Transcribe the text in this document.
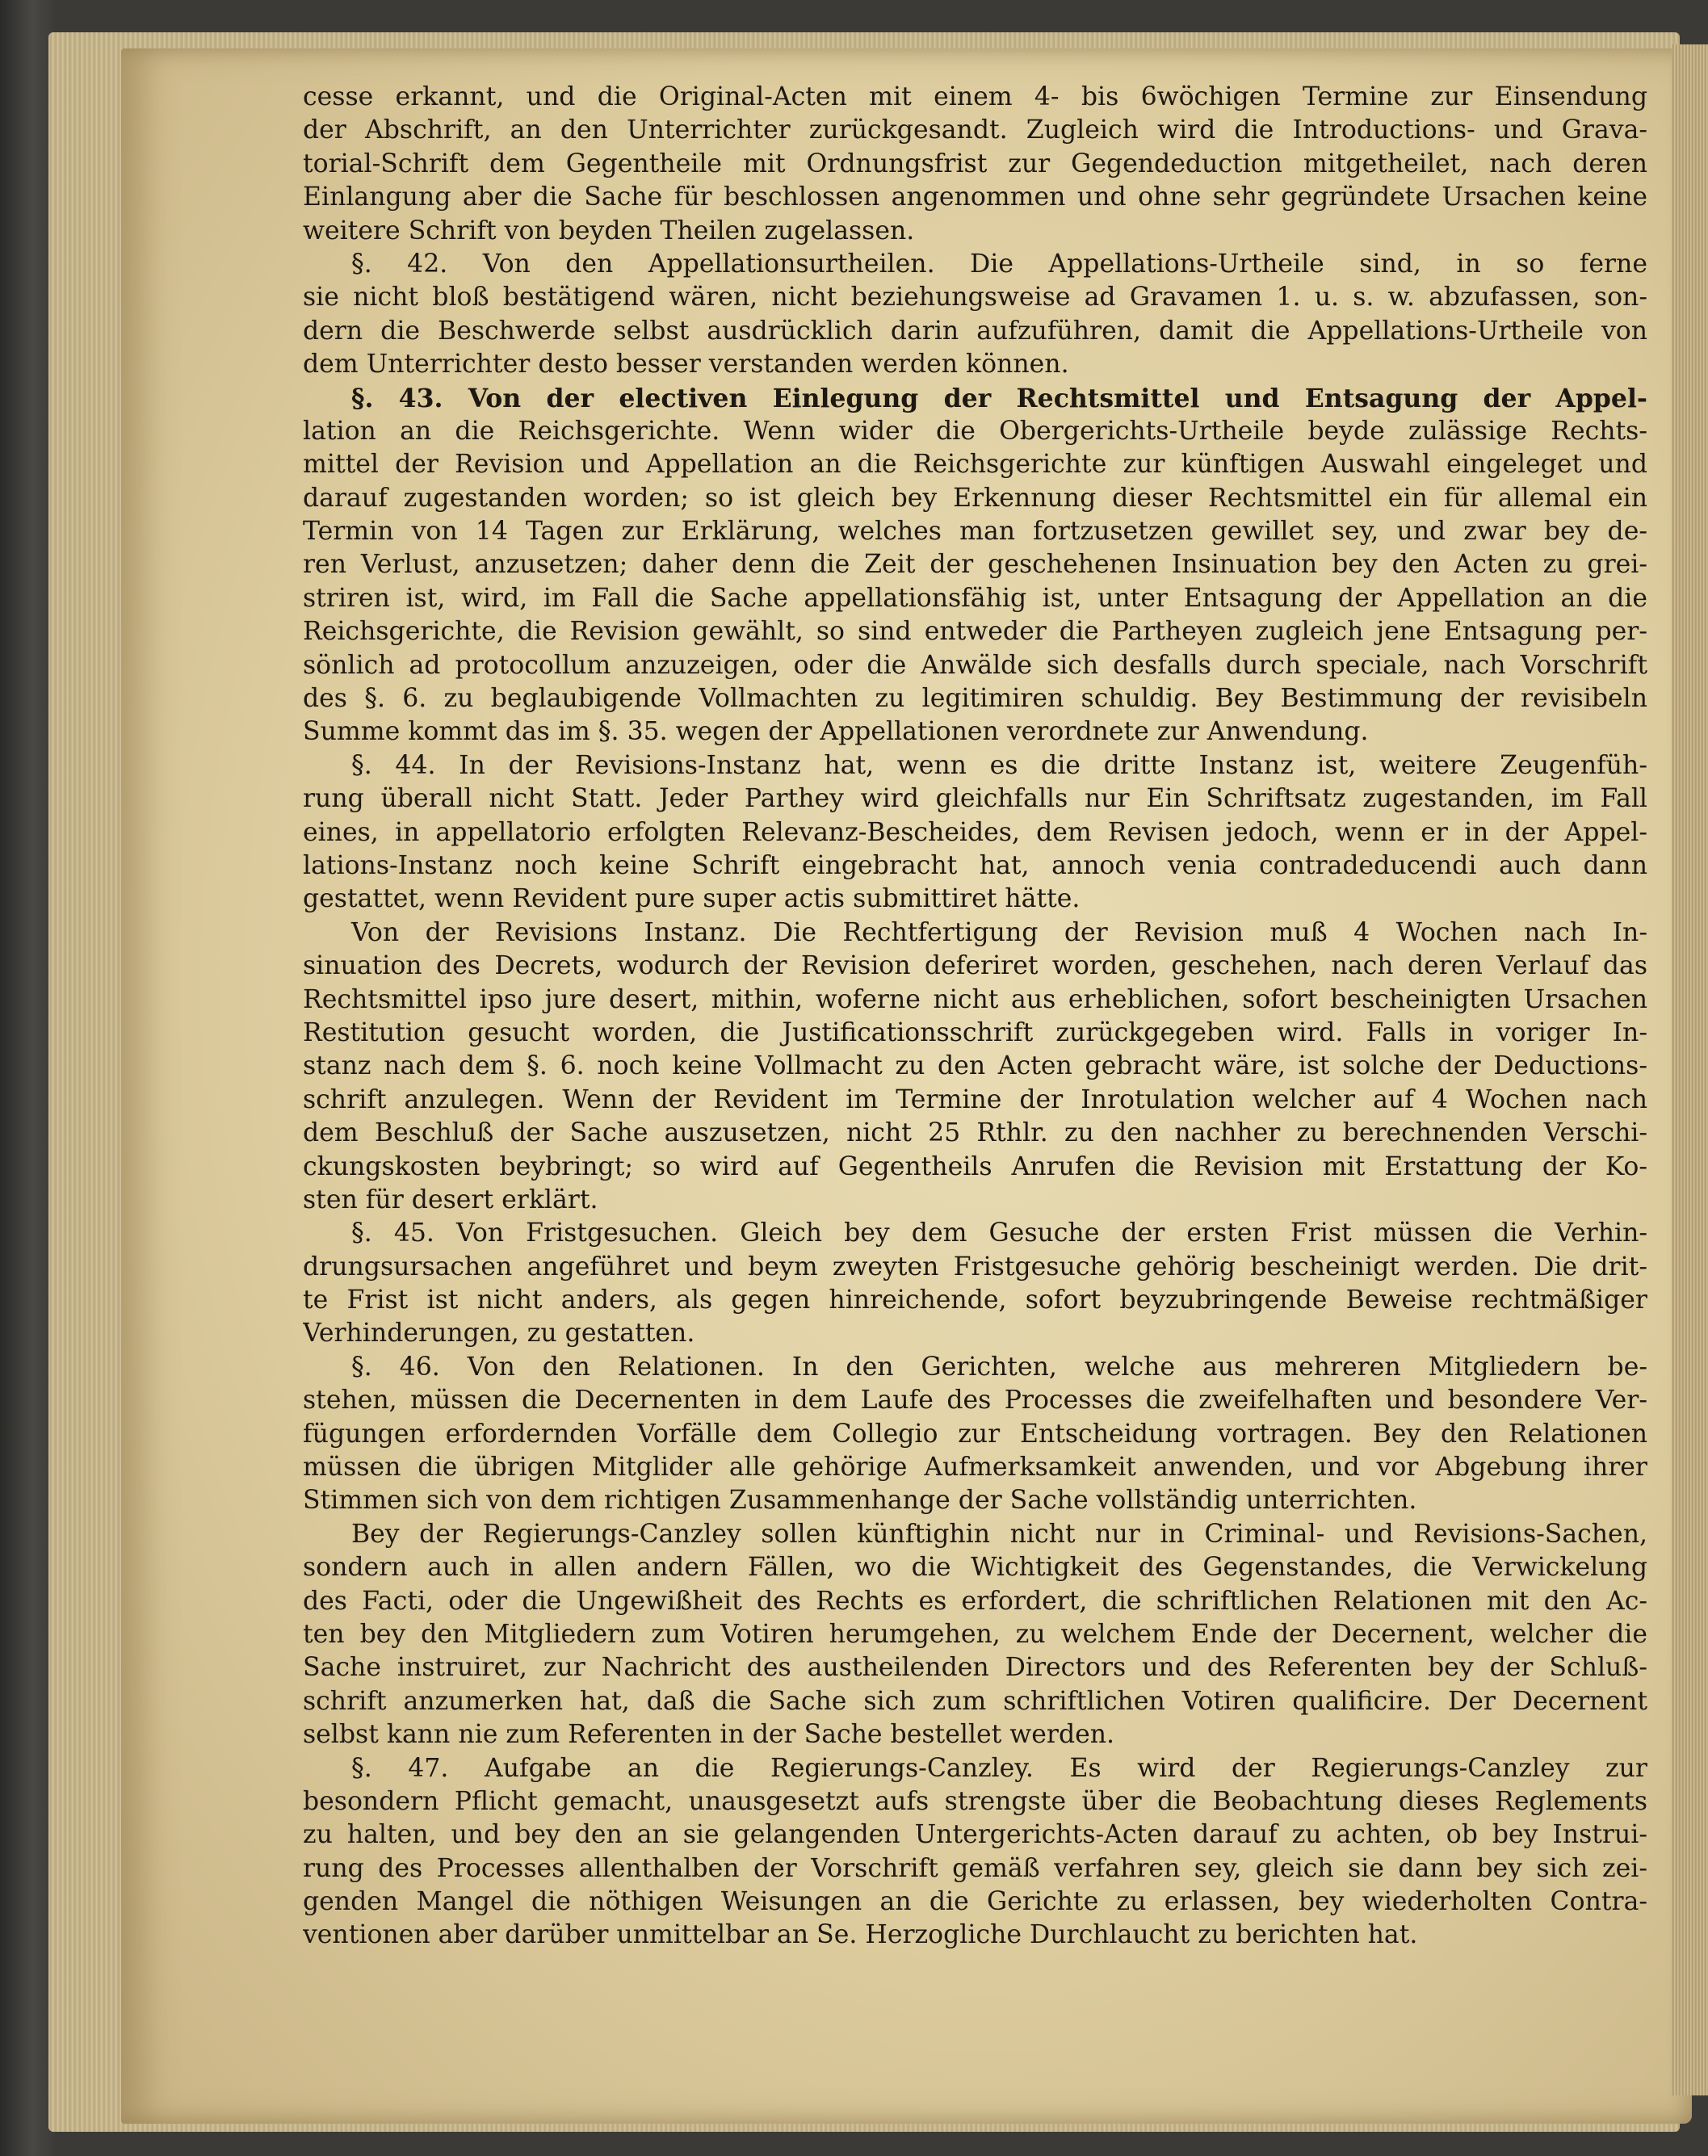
cesse erkannt, und die Original-Acten mit einem 4- bis 6wöchigen Termine zur Einsendung
der Abschrift, an den Unterrichter zurückgesandt. Zugleich wird die Introductions- und Grava-
torial-Schrift dem Gegentheile mit Ordnungsfrist zur Gegendeduction mitgetheilet, nach deren
Einlangung aber die Sache für beschlossen angenommen und ohne sehr gegründete Ursachen keine
weitere Schrift von beyden Theilen zugelassen.
§. 42. Von den Appellationsurtheilen. Die Appellations-Urtheile sind, in so ferne
sie nicht bloß bestätigend wären, nicht beziehungsweise ad Gravamen 1. u. s. w. abzufassen, son-
dern die Beschwerde selbst ausdrücklich darin aufzuführen, damit die Appellations-Urtheile von
dem Unterrichter desto besser verstanden werden können.
§. 43. Von der electiven Einlegung der Rechtsmittel und Entsagung der Appel-
lation an die Reichsgerichte. Wenn wider die Obergerichts-Urtheile beyde zulässige Rechts-
mittel der Revision und Appellation an die Reichsgerichte zur künftigen Auswahl eingeleget und
darauf zugestanden worden; so ist gleich bey Erkennung dieser Rechtsmittel ein für allemal ein
Termin von 14 Tagen zur Erklärung, welches man fortzusetzen gewillet sey, und zwar bey de-
ren Verlust, anzusetzen; daher denn die Zeit der geschehenen Insinuation bey den Acten zu grei-
striren ist, wird, im Fall die Sache appellationsfähig ist, unter Entsagung der Appellation an die
Reichsgerichte, die Revision gewählt, so sind entweder die Partheyen zugleich jene Entsagung per-
sönlich ad protocollum anzuzeigen, oder die Anwälde sich desfalls durch speciale, nach Vorschrift
des §. 6. zu beglaubigende Vollmachten zu legitimiren schuldig. Bey Bestimmung der revisibeln
Summe kommt das im §. 35. wegen der Appellationen verordnete zur Anwendung.
§. 44. In der Revisions-Instanz hat, wenn es die dritte Instanz ist, weitere Zeugenfüh-
rung überall nicht Statt. Jeder Parthey wird gleichfalls nur Ein Schriftsatz zugestanden, im Fall
eines, in appellatorio erfolgten Relevanz-Bescheides, dem Revisen jedoch, wenn er in der Appel-
lations-Instanz noch keine Schrift eingebracht hat, annoch venia contradeducendi auch dann
gestattet, wenn Revident pure super actis submittiret hätte.
Von der Revisions Instanz. Die Rechtfertigung der Revision muß 4 Wochen nach In-
sinuation des Decrets, wodurch der Revision deferiret worden, geschehen, nach deren Verlauf das
Rechtsmittel ipso jure desert, mithin, woferne nicht aus erheblichen, sofort bescheinigten Ursachen
Restitution gesucht worden, die Justificationsschrift zurückgegeben wird. Falls in voriger In-
stanz nach dem §. 6. noch keine Vollmacht zu den Acten gebracht wäre, ist solche der Deductions-
schrift anzulegen. Wenn der Revident im Termine der Inrotulation welcher auf 4 Wochen nach
dem Beschluß der Sache auszusetzen, nicht 25 Rthlr. zu den nachher zu berechnenden Verschi-
ckungskosten beybringt; so wird auf Gegentheils Anrufen die Revision mit Erstattung der Ko-
sten für desert erklärt.
§. 45. Von Fristgesuchen. Gleich bey dem Gesuche der ersten Frist müssen die Verhin-
drungsursachen angeführet und beym zweyten Fristgesuche gehörig bescheinigt werden. Die drit-
te Frist ist nicht anders, als gegen hinreichende, sofort beyzubringende Beweise rechtmäßiger
Verhinderungen, zu gestatten.
§. 46. Von den Relationen. In den Gerichten, welche aus mehreren Mitgliedern be-
stehen, müssen die Decernenten in dem Laufe des Processes die zweifelhaften und besondere Ver-
fügungen erfordernden Vorfälle dem Collegio zur Entscheidung vortragen. Bey den Relationen
müssen die übrigen Mitglider alle gehörige Aufmerksamkeit anwenden, und vor Abgebung ihrer
Stimmen sich von dem richtigen Zusammenhange der Sache vollständig unterrichten.
Bey der Regierungs-Canzley sollen künftighin nicht nur in Criminal- und Revisions-Sachen,
sondern auch in allen andern Fällen, wo die Wichtigkeit des Gegenstandes, die Verwickelung
des Facti, oder die Ungewißheit des Rechts es erfordert, die schriftlichen Relationen mit den Ac-
ten bey den Mitgliedern zum Votiren herumgehen, zu welchem Ende der Decernent, welcher die
Sache instruiret, zur Nachricht des austheilenden Directors und des Referenten bey der Schluß-
schrift anzumerken hat, daß die Sache sich zum schriftlichen Votiren qualificire. Der Decernent
selbst kann nie zum Referenten in der Sache bestellet werden.
§. 47. Aufgabe an die Regierungs-Canzley. Es wird der Regierungs-Canzley zur
besondern Pflicht gemacht, unausgesetzt aufs strengste über die Beobachtung dieses Reglements
zu halten, und bey den an sie gelangenden Untergerichts-Acten darauf zu achten, ob bey Instrui-
rung des Processes allenthalben der Vorschrift gemäß verfahren sey, gleich sie dann bey sich zei-
genden Mangel die nöthigen Weisungen an die Gerichte zu erlassen, bey wiederholten Contra-
ventionen aber darüber unmittelbar an Se. Herzogliche Durchlaucht zu berichten hat.
